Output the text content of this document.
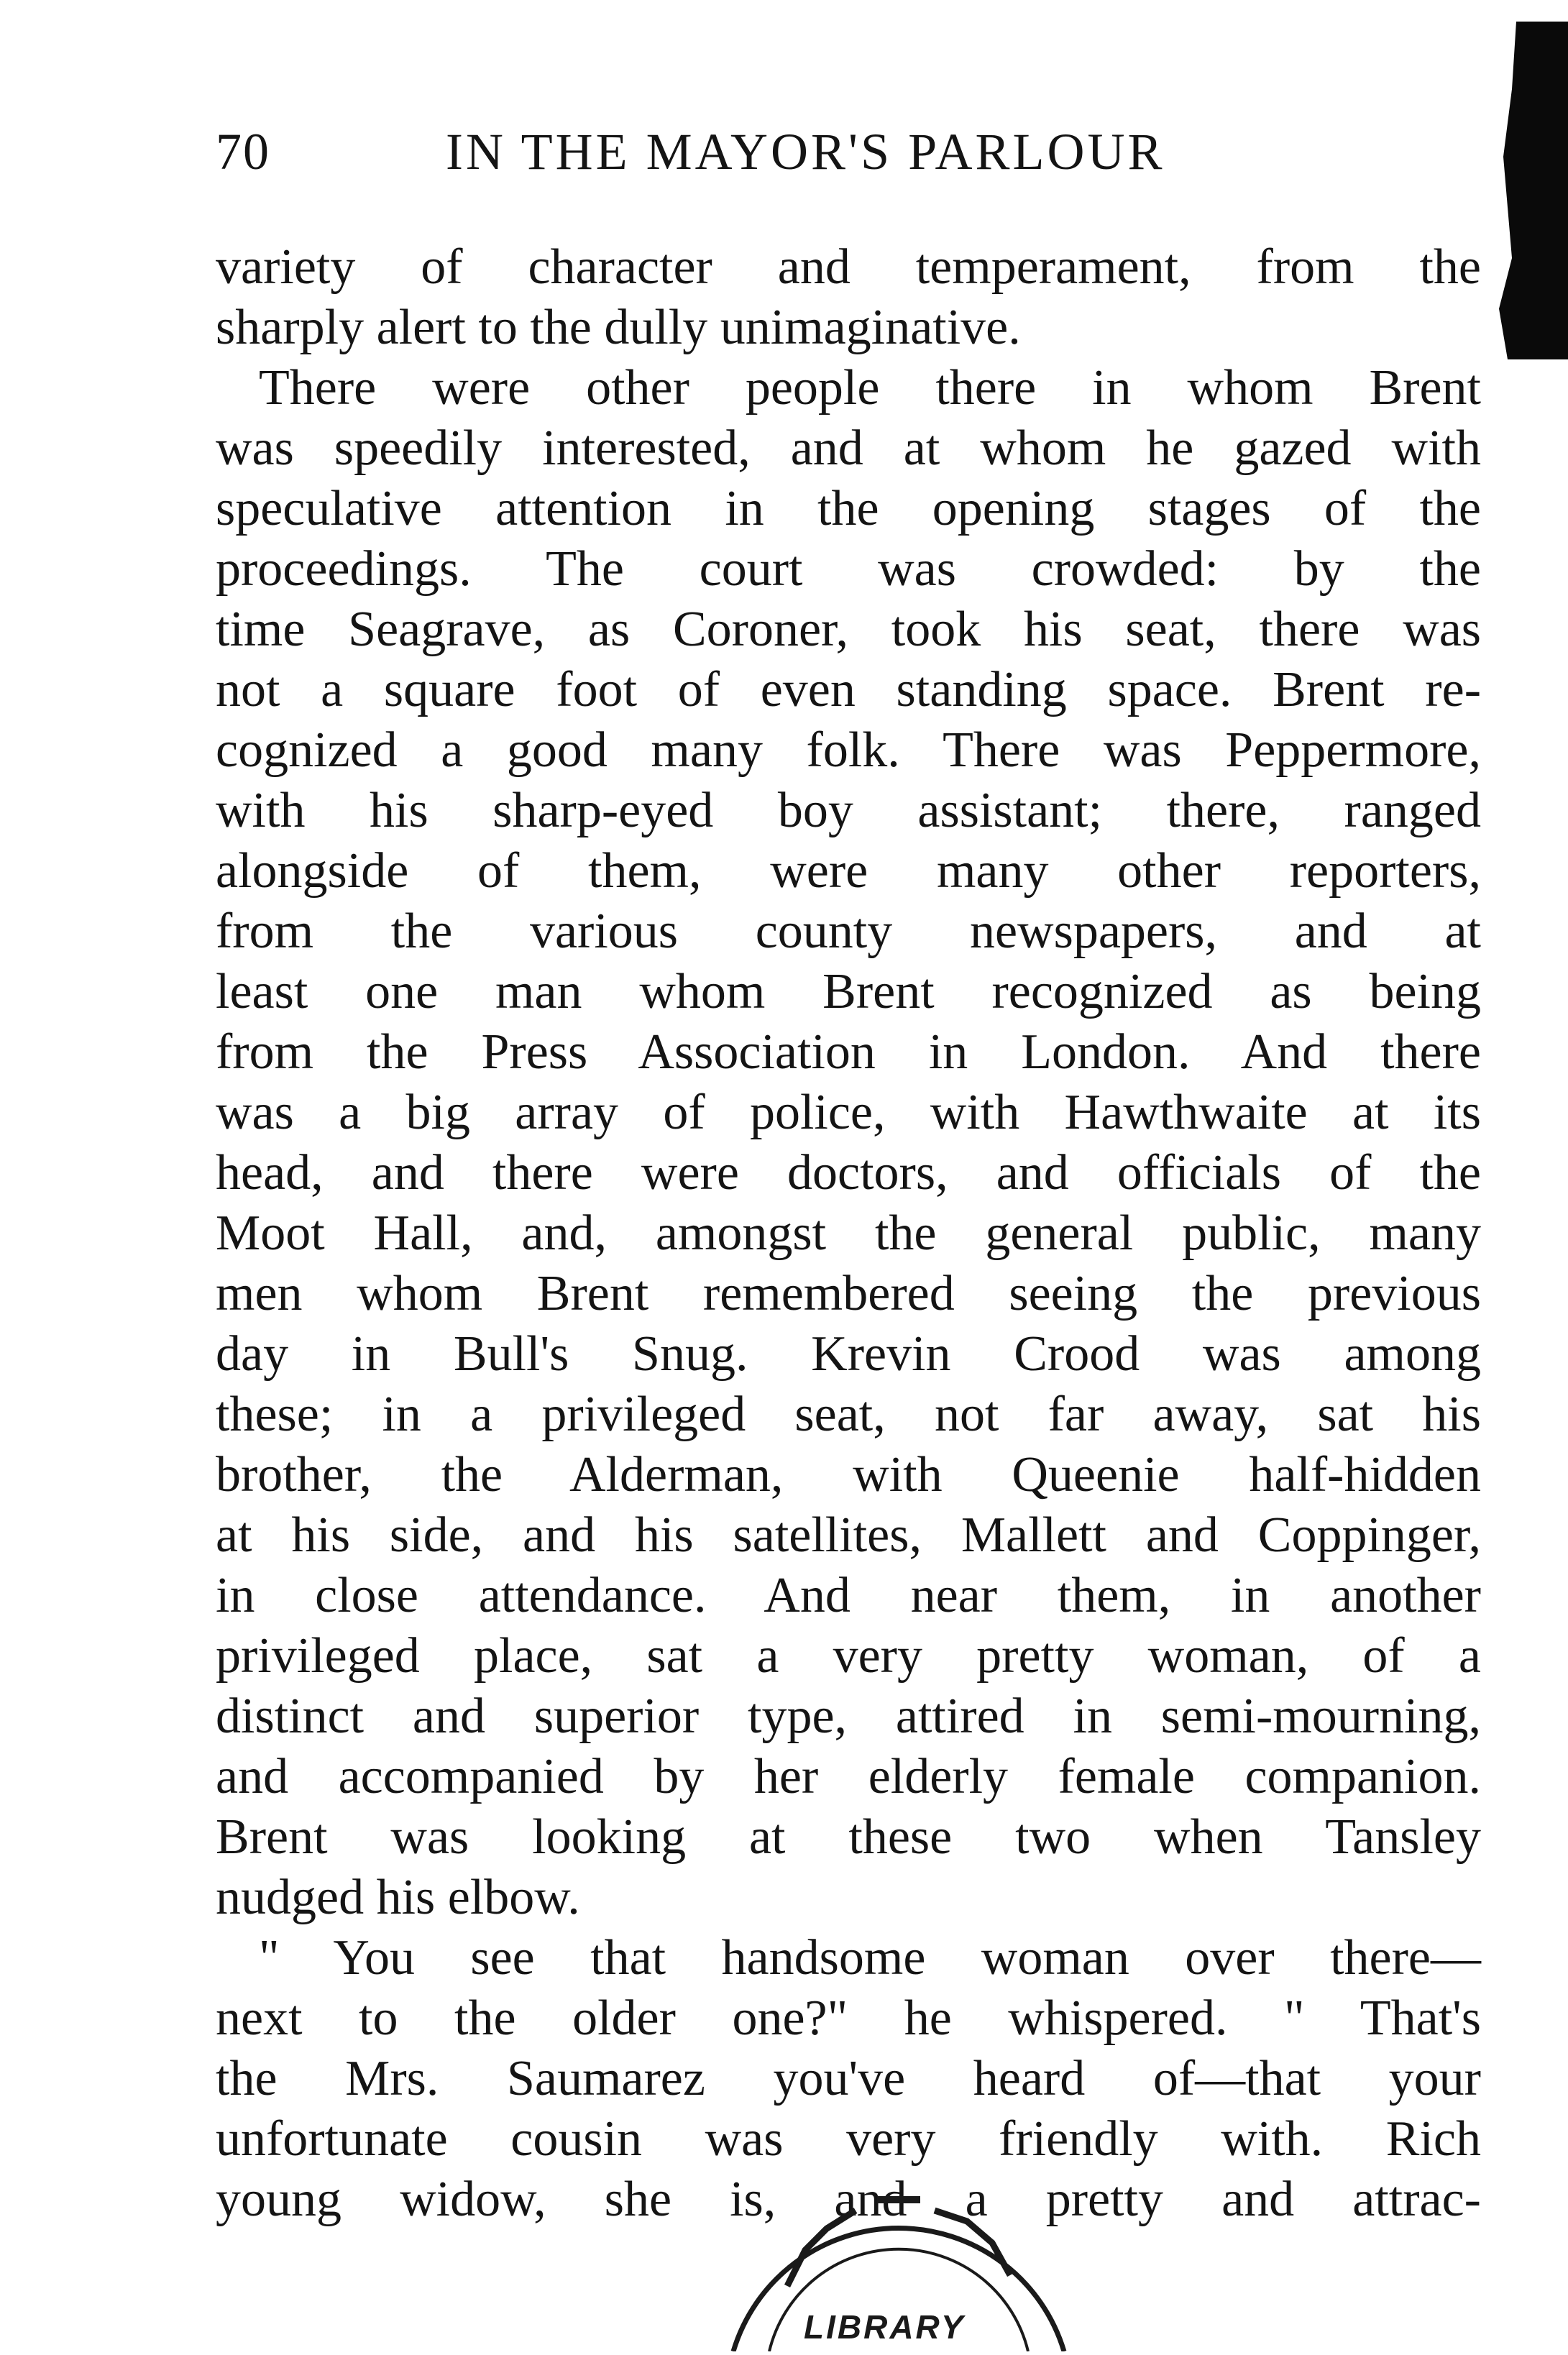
70	IN THE MAYOR'S PARLOUR
variety of character and temperament, from the
sharply alert to the dully unimaginative.
There were other people there in whom Brent
was speedily interested, and at whom he gazed with
speculative attention in the opening stages of the
proceedings. The court was crowded: by the
time Seagrave, as Coroner, took his seat, there was
not a square foot of even standing space. Brent re-
cognized a good many folk. There was Peppermore,
with his sharp-eyed boy assistant; there, ranged
alongside of them, were many other reporters,
from the various county newspapers, and at
least one man whom Brent recognized as being
from the Press Association in London. And there
was a big array of police, with Hawthwaite at its
head, and there were doctors, and officials of the
Moot Hall, and, amongst the general public, many
men whom Brent remembered seeing the previous
day in Bull's Snug. Krevin Crood was among
these; in a privileged seat, not far away, sat his
brother, the Alderman, with Queenie half-hidden
at his side, and his satellites, Mallett and Coppinger,
in close attendance. And near them, in another
privileged place, sat a very pretty woman, of a
distinct and superior type, attired in semi-mourning,
and accompanied by her elderly female companion.
Brent was looking at these two when Tansley
nudged his elbow.
" You see that handsome woman over there—
next to the older one?" he whispered. " That's
the Mrs. Saumarez you've heard of—that your
unfortunate cousin was very friendly with. Rich
young widow, she is, and a pretty and attrac-
LIBRARY
